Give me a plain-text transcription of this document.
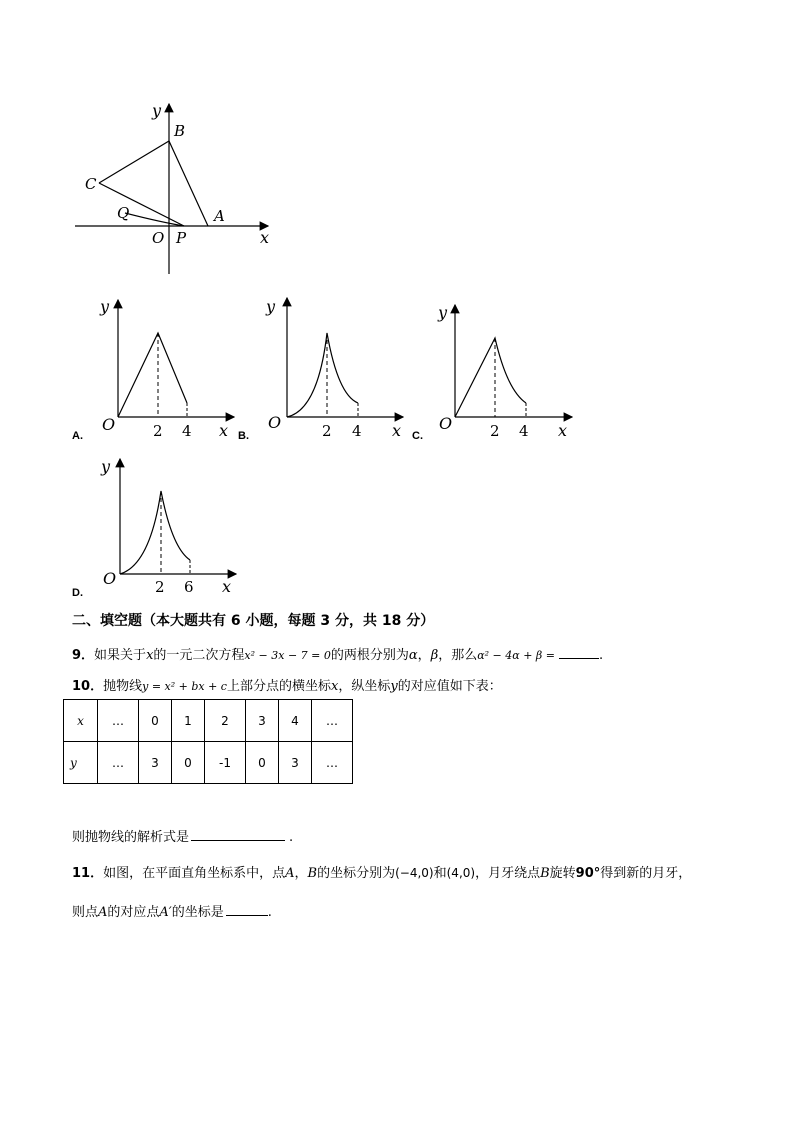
y
B
C
Q
O P
A
x
y
O	2 4 x
y
O	2 4 x
y
O	2 4 x
y
O	2 6 x
A.	B.	C.
D.
二、填空题（本大题共有 6 小题，每题 3 分，共 18 分）
9．如果关于x的一元二次方程x² − 3x − 7 = 0的两根分别为α，β，那么α² − 4α + β =	.
10．抛物线y = x² + bx + c上部分点的横坐标x，纵坐标y的对应值如下表：
x	…	0	1	2	3	4	…
y	…	3	0	-1	0	3	…
则抛物线的解析式是	.
11．如图，在平面直角坐标系中，点A，B的坐标分别为(−4,0)和(4,0)，月牙绕点B旋转90°得到新的月牙，
则点A的对应点A′的坐标是	.
